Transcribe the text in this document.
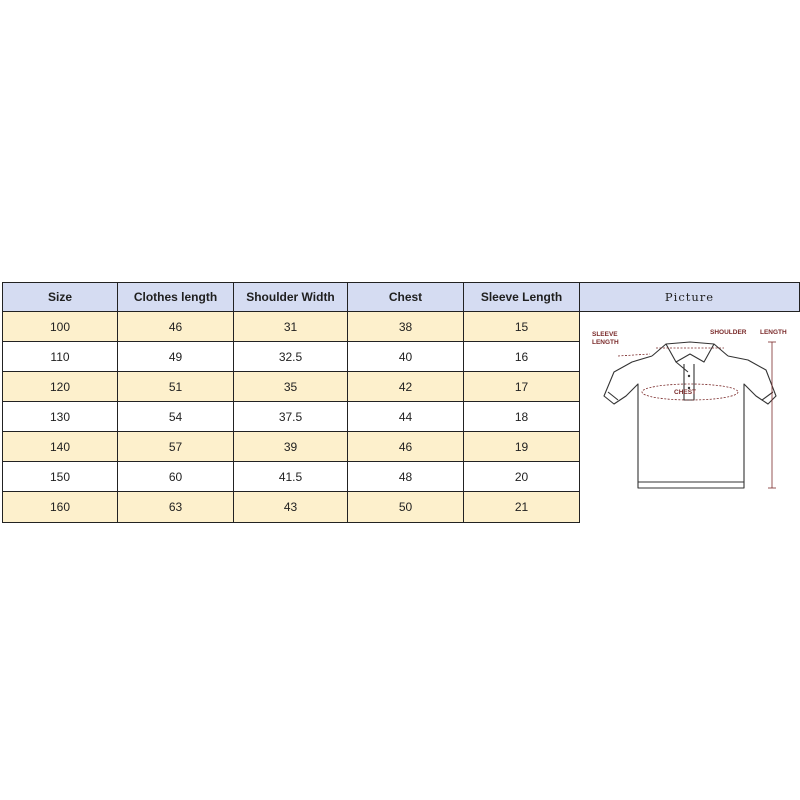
Size	Clothes length	Shoulder Width	Chest	Sleeve Length	Picture
100	46	31	38	15	SLEEVE
LENGTH
SHOULDER LENGTH
CHEST

110	49	32.5	40	16	
120	51	35	42	17	
130	54	37.5	44	18	
140	57	39	46	19	
150	60	41.5	48	20	
160	63	43	50	21	
